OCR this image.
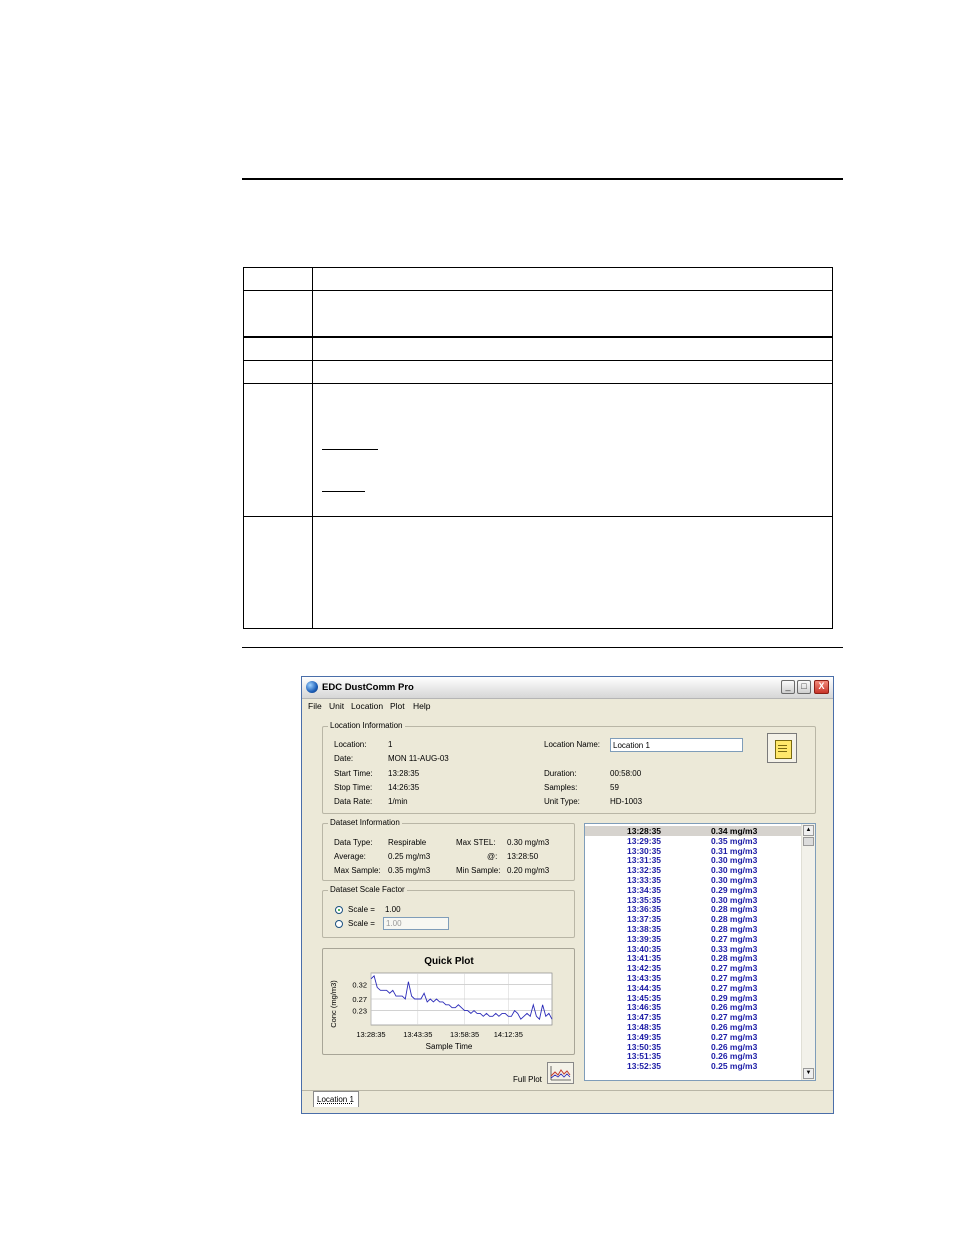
EDC DustComm Pro	_	□	X
File Unit Location Plot Help
Location Information
Location:	1
Date:	MON 11-AUG-03
Start Time: 13:28:35
Stop Time: 14:26:35
Data Rate: 1/min
Location Name:
Location 1
Duration:	00:58:00
Samples:	59
Unit Type:	HD-1003
Dataset Information
Data Type: Respirable
Average:	0.25 mg/m3
Max Sample: 0.35 mg/m3
Max STEL: 0.30 mg/m3
@: 13:28:50
Min Sample: 0.20 mg/m3
Dataset Scale Factor
Scale = 1.00
Scale =
1.00
Quick Plot
Sample Time
Conc (mg/m3) 0.32
0.27
0.23
13:28:35 13:43:35 13:58:35 14:12:35
Full Plot
13:28:35	0.34 mg/m3
13:29:35	0.35 mg/m3
13:30:35	0.31 mg/m3
13:31:35	0.30 mg/m3
13:32:35	0.30 mg/m3
13:33:35	0.30 mg/m3
13:34:35	0.29 mg/m3
13:35:35	0.30 mg/m3
13:36:35	0.28 mg/m3
13:37:35	0.28 mg/m3
13:38:35	0.28 mg/m3
13:39:35	0.27 mg/m3
13:40:35	0.33 mg/m3
13:41:35	0.28 mg/m3
13:42:35	0.27 mg/m3
13:43:35	0.27 mg/m3
13:44:35	0.27 mg/m3
13:45:35	0.29 mg/m3
13:46:35	0.26 mg/m3
13:47:35	0.27 mg/m3
13:48:35	0.26 mg/m3
13:49:35	0.27 mg/m3
13:50:35	0.26 mg/m3
13:51:35	0.26 mg/m3
13:52:35	0.25 mg/m3
▲
▼
Location 1
